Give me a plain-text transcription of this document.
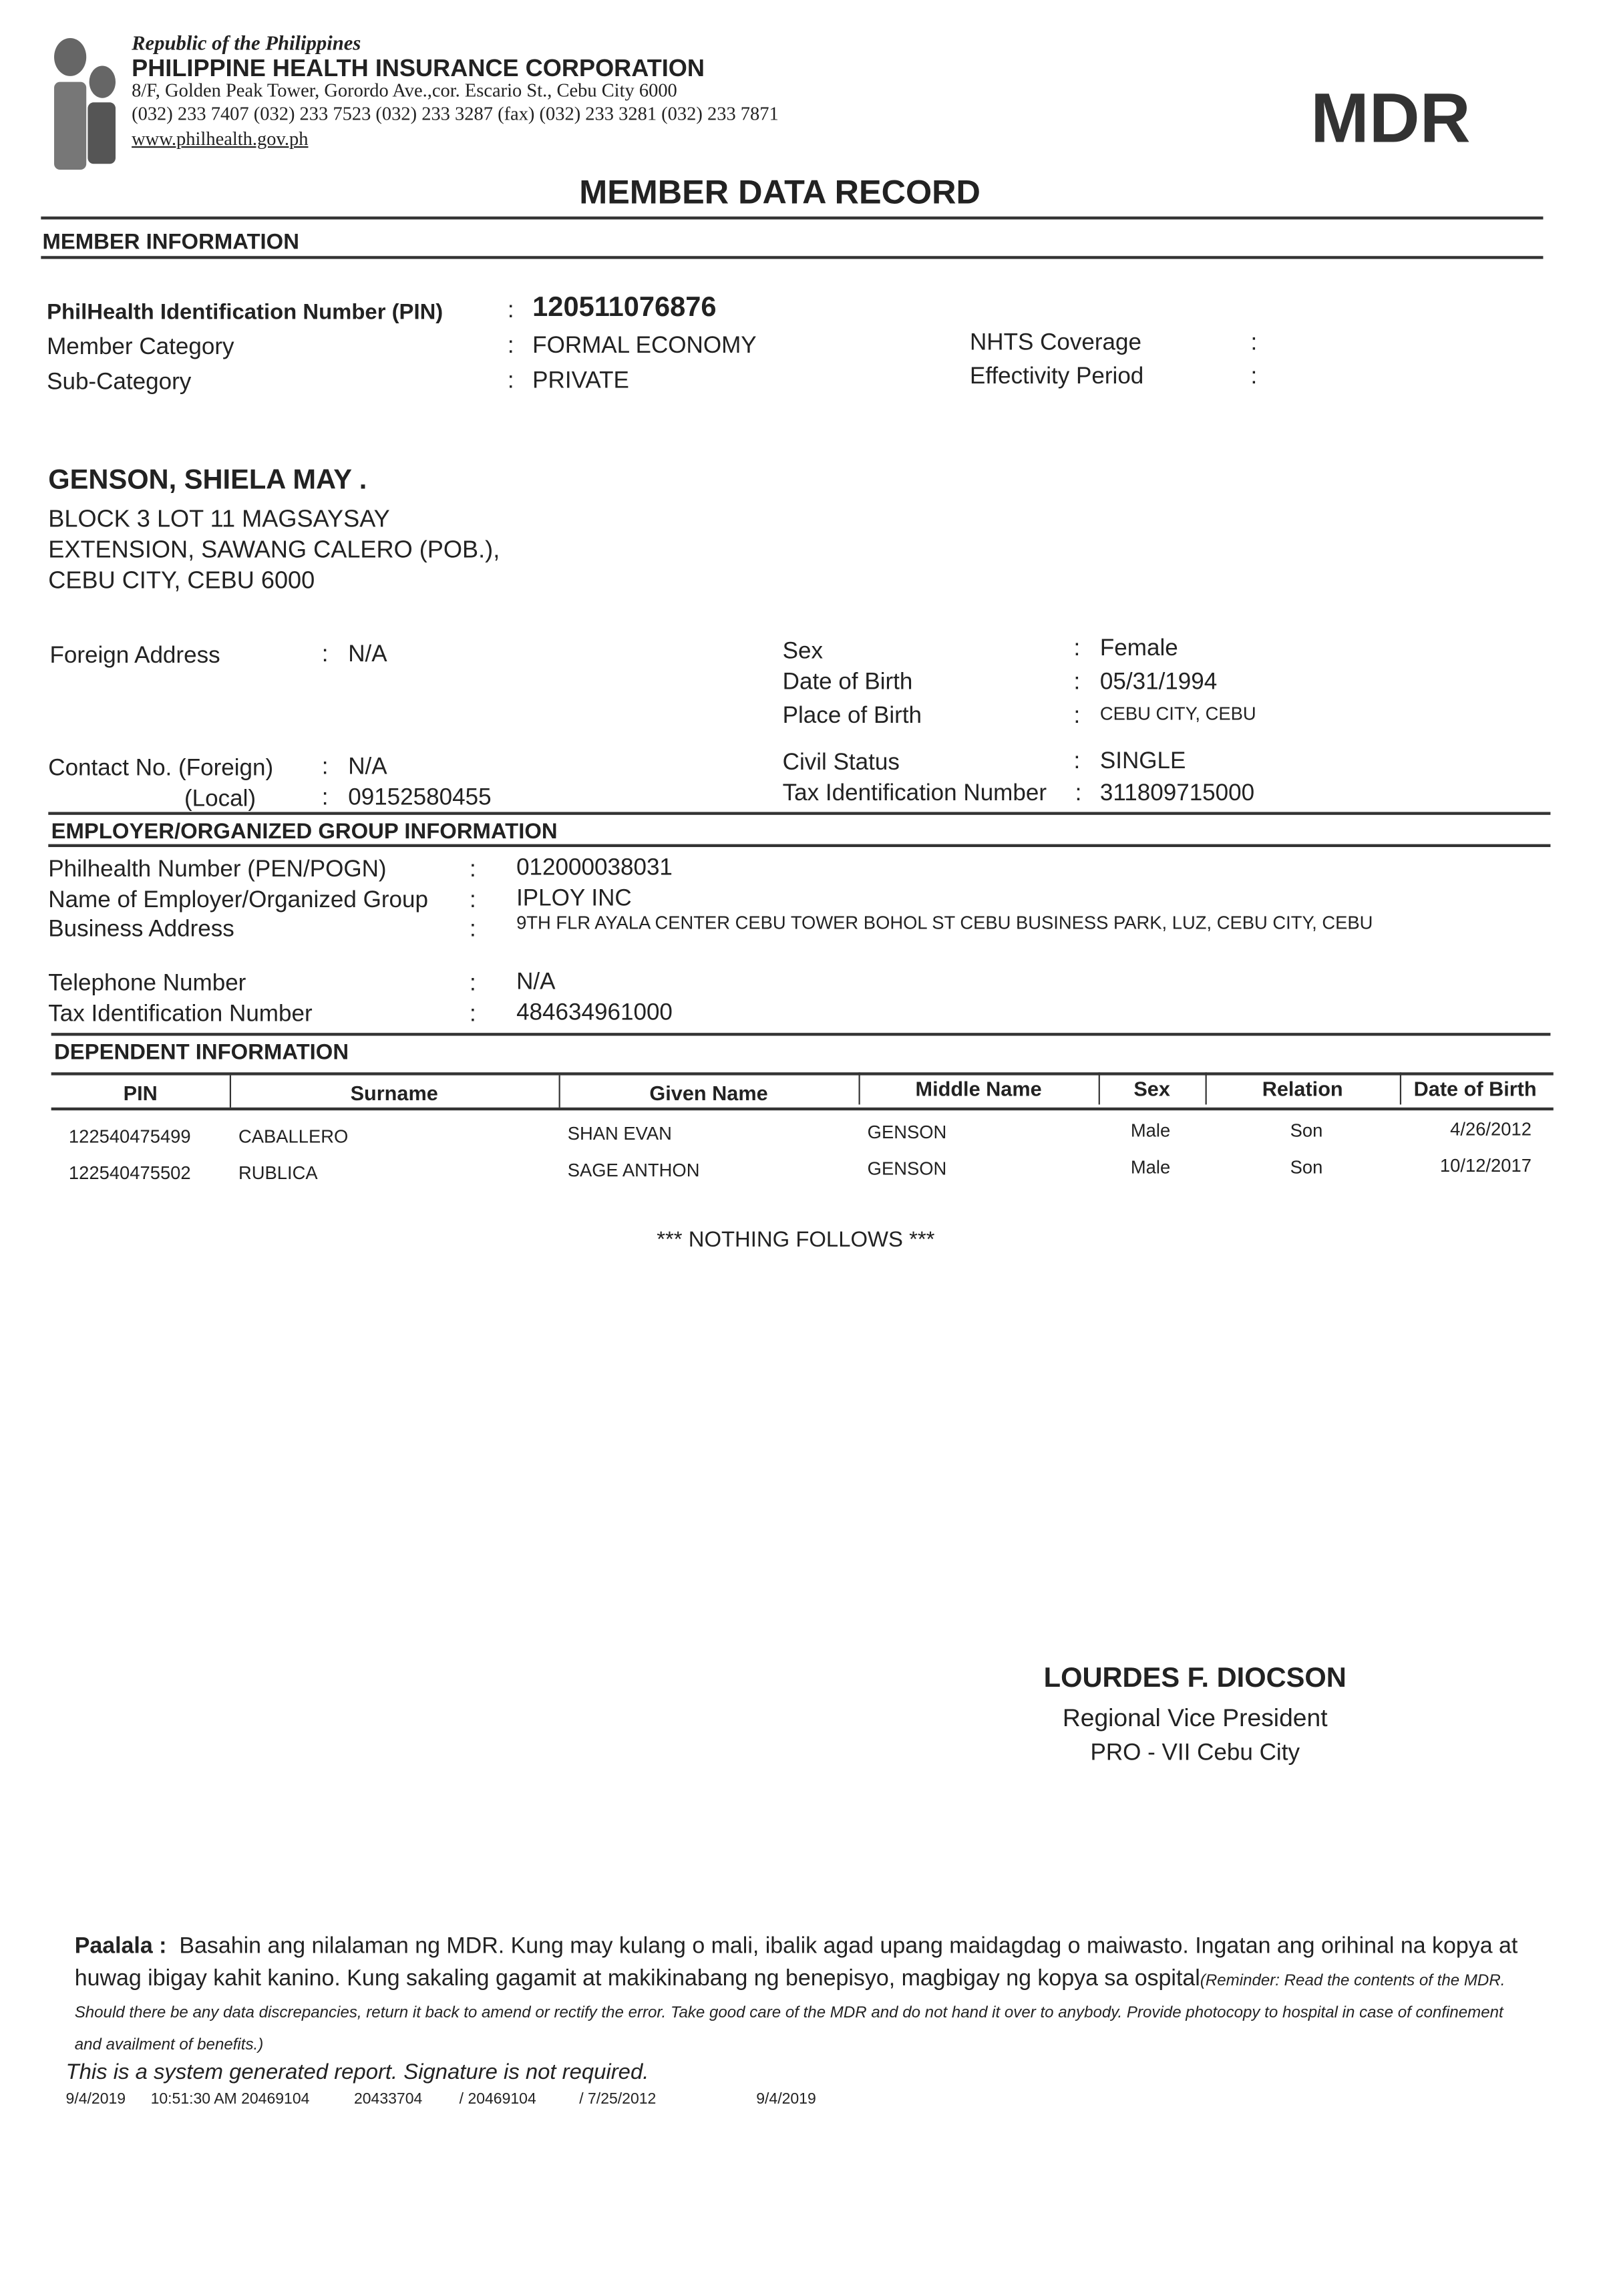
Republic of the Philippines
PHILIPPINE HEALTH INSURANCE CORPORATION
8/F, Golden Peak Tower, Gorordo Ave.,cor. Escario St., Cebu City 6000
(032) 233 7407 (032) 233 7523 (032) 233 3287 (fax) (032) 233 3281 (032) 233 7871
www.philhealth.gov.ph	MDR
MEMBER DATA RECORD
MEMBER INFORMATION
PhilHealth Identification Number (PIN)	: 120511076876
Member Category	: FORMAL ECONOMY
Sub-Category	: PRIVATE
NHTS Coverage	:
Effectivity Period	:
GENSON, SHIELA MAY .
BLOCK 3 LOT 11 MAGSAYSAY
EXTENSION, SAWANG CALERO (POB.),
CEBU CITY, CEBU 6000
Foreign Address	: N/A
Contact No. (Foreign)	: N/A
(Local)	: 09152580455
Sex	: Female
Date of Birth	: 05/31/1994
Place of Birth	: CEBU CITY, CEBU
Civil Status	: SINGLE
Tax Identification Number	: 311809715000
EMPLOYER/ORGANIZED GROUP INFORMATION
Philhealth Number (PEN/POGN)	:	012000038031
Name of Employer/Organized Group	:	IPLOY INC
Business Address	:	9TH FLR AYALA CENTER CEBU TOWER BOHOL ST CEBU BUSINESS PARK, LUZ, CEBU CITY, CEBU
Telephone Number	:	N/A
Tax Identification Number	:	484634961000
DEPENDENT INFORMATION
PIN	Surname	Given Name	Middle Name	Sex	Relation	Date of Birth
122540475499	CABALLERO	SHAN EVAN	GENSON	Male	Son	4/26/2012
122540475502	RUBLICA	SAGE ANTHON	GENSON	Male	Son	10/12/2017
*** NOTHING FOLLOWS ***
LOURDES F. DIOCSON
Regional Vice President
PRO - VII Cebu City
Paalala : Basahin ang nilalaman ng MDR. Kung may kulang o mali, ibalik agad upang maidagdag o maiwasto. Ingatan ang orihinal na kopya at huwag ibigay kahit kanino. Kung sakaling gagamit at makikinabang ng benepisyo, magbigay ng kopya sa ospital(Reminder: Read the contents of the MDR. Should there be any data discrepancies, return it back to amend or rectify the error. Take good care of the MDR and do not hand it over to anybody. Provide photocopy to hospital in case of confinement and availment of benefits.)
This is a system generated report. Signature is not required.
9/4/2019	10:51:30 AM 20469104	20433704	/ 20469104	/ 7/25/2012	9/4/2019
